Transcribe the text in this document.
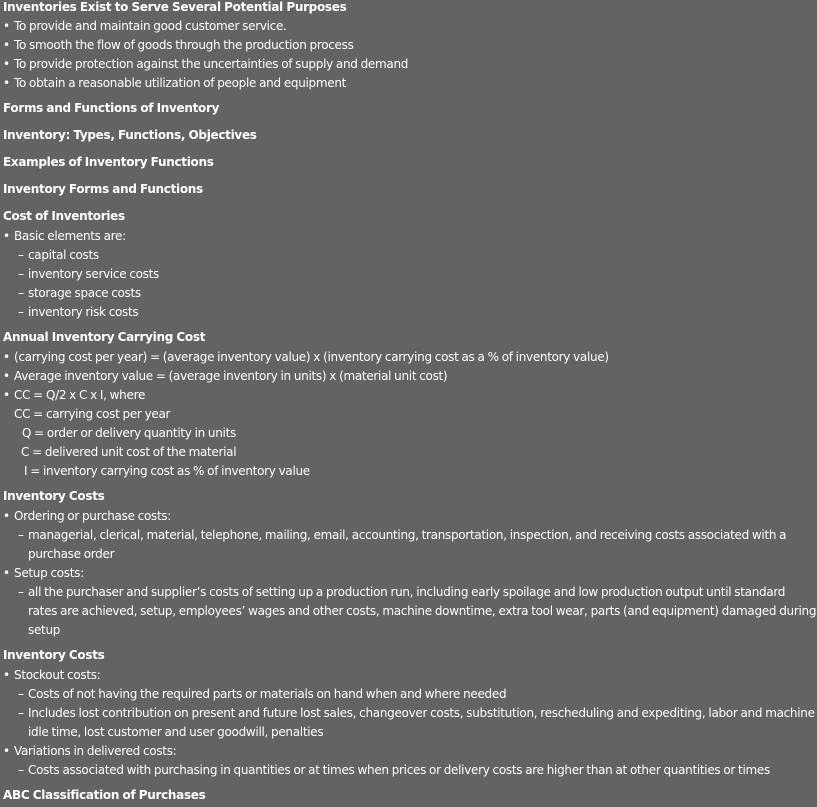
Inventories Exist to Serve Several Potential Purposes
• To provide and maintain good customer service.
• To smooth the flow of goods through the production process
• To provide protection against the uncertainties of supply and demand
• To obtain a reasonable utilization of people and equipment
Forms and Functions of Inventory
Inventory: Types, Functions, Objectives
Examples of Inventory Functions
Inventory Forms and Functions
Cost of Inventories
• Basic elements are:
– capital costs
– inventory service costs
– storage space costs
– inventory risk costs
Annual Inventory Carrying Cost
• (carrying cost per year) = (average inventory value) x (inventory carrying cost as a % of inventory value)
• Average inventory value = (average inventory in units) x (material unit cost)
• CC = Q/2 x C x I, where
CC = carrying cost per year
Q = order or delivery quantity in units
C = delivered unit cost of the material
I = inventory carrying cost as % of inventory value
Inventory Costs
• Ordering or purchase costs:
– managerial, clerical, material, telephone, mailing, email, accounting, transportation, inspection, and receiving costs associated with a purchase order
• Setup costs:
– all the purchaser and supplier’s costs of setting up a production run, including early spoilage and low production output until standard rates are achieved, setup, employees’ wages and other costs, machine downtime, extra tool wear, parts (and equipment) damaged during setup
Inventory Costs
• Stockout costs:
– Costs of not having the required parts or materials on hand when and where needed
– Includes lost contribution on present and future lost sales, changeover costs, substitution, rescheduling and expediting, labor and machine idle time, lost customer and user goodwill, penalties
• Variations in delivered costs:
– Costs associated with purchasing in quantities or at times when prices or delivery costs are higher than at other quantities or times
ABC Classification of Purchases
